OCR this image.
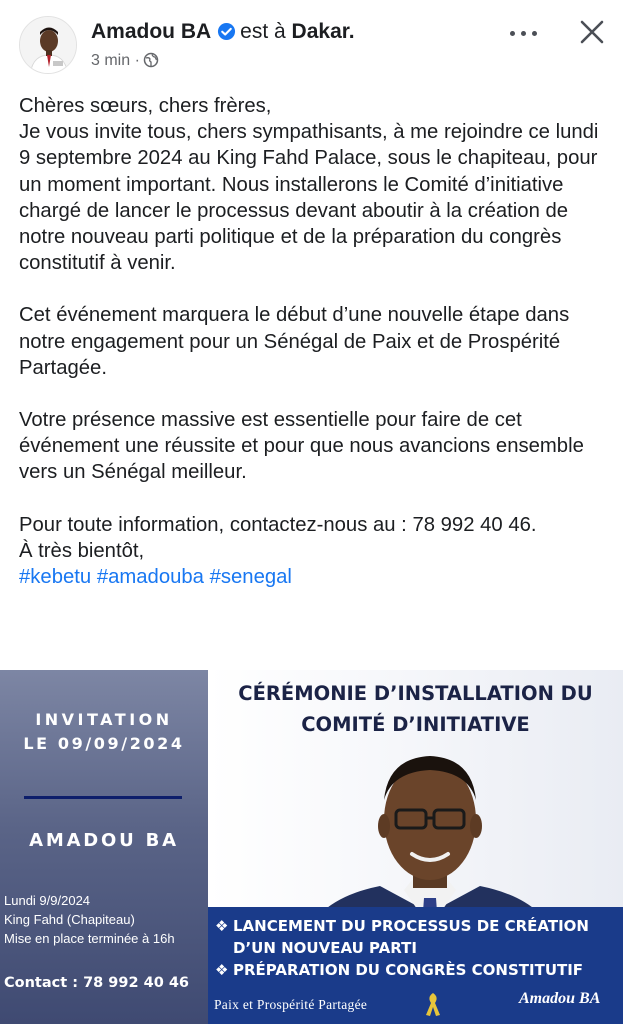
Amadou BA est à Dakar.
3 min ·

Chères sœurs, chers frères,

Je vous invite tous, chers sympathisants, à me rejoindre ce lundi 9 septembre 2024 au King Fahd Palace, sous le chapiteau, pour un moment important. Nous installerons le Comité d’initiative chargé de lancer le processus devant aboutir à la création de notre nouveau parti politique et de la préparation du congrès constitutif à venir.

Cet événement marquera le début d’une nouvelle étape dans notre engagement pour un Sénégal de Paix et de Prospérité Partagée.

Votre présence massive est essentielle pour faire de cet événement une réussite et pour que nous avancions ensemble vers un Sénégal meilleur.

Pour toute information, contactez-nous au : 78 992 40 46.

À très bientôt,

#kebetu #amadouba #senegal

INVITATION
LE 09/09/2024
AMADOU BA
Lundi 9/9/2024
King Fahd (Chapiteau)
Mise en place terminée à 16h
Contact : 78 992 40 46
CÉRÉMONIE D’INSTALLATION DU
COMITÉ D’INITIATIVE
❖ LANCEMENT DU PROCESSUS DE CRÉATION
D’UN NOUVEAU PARTI
❖ PRÉPARATION DU CONGRÈS CONSTITUTIF
Paix et Prospérité Partagée	Amadou BA
